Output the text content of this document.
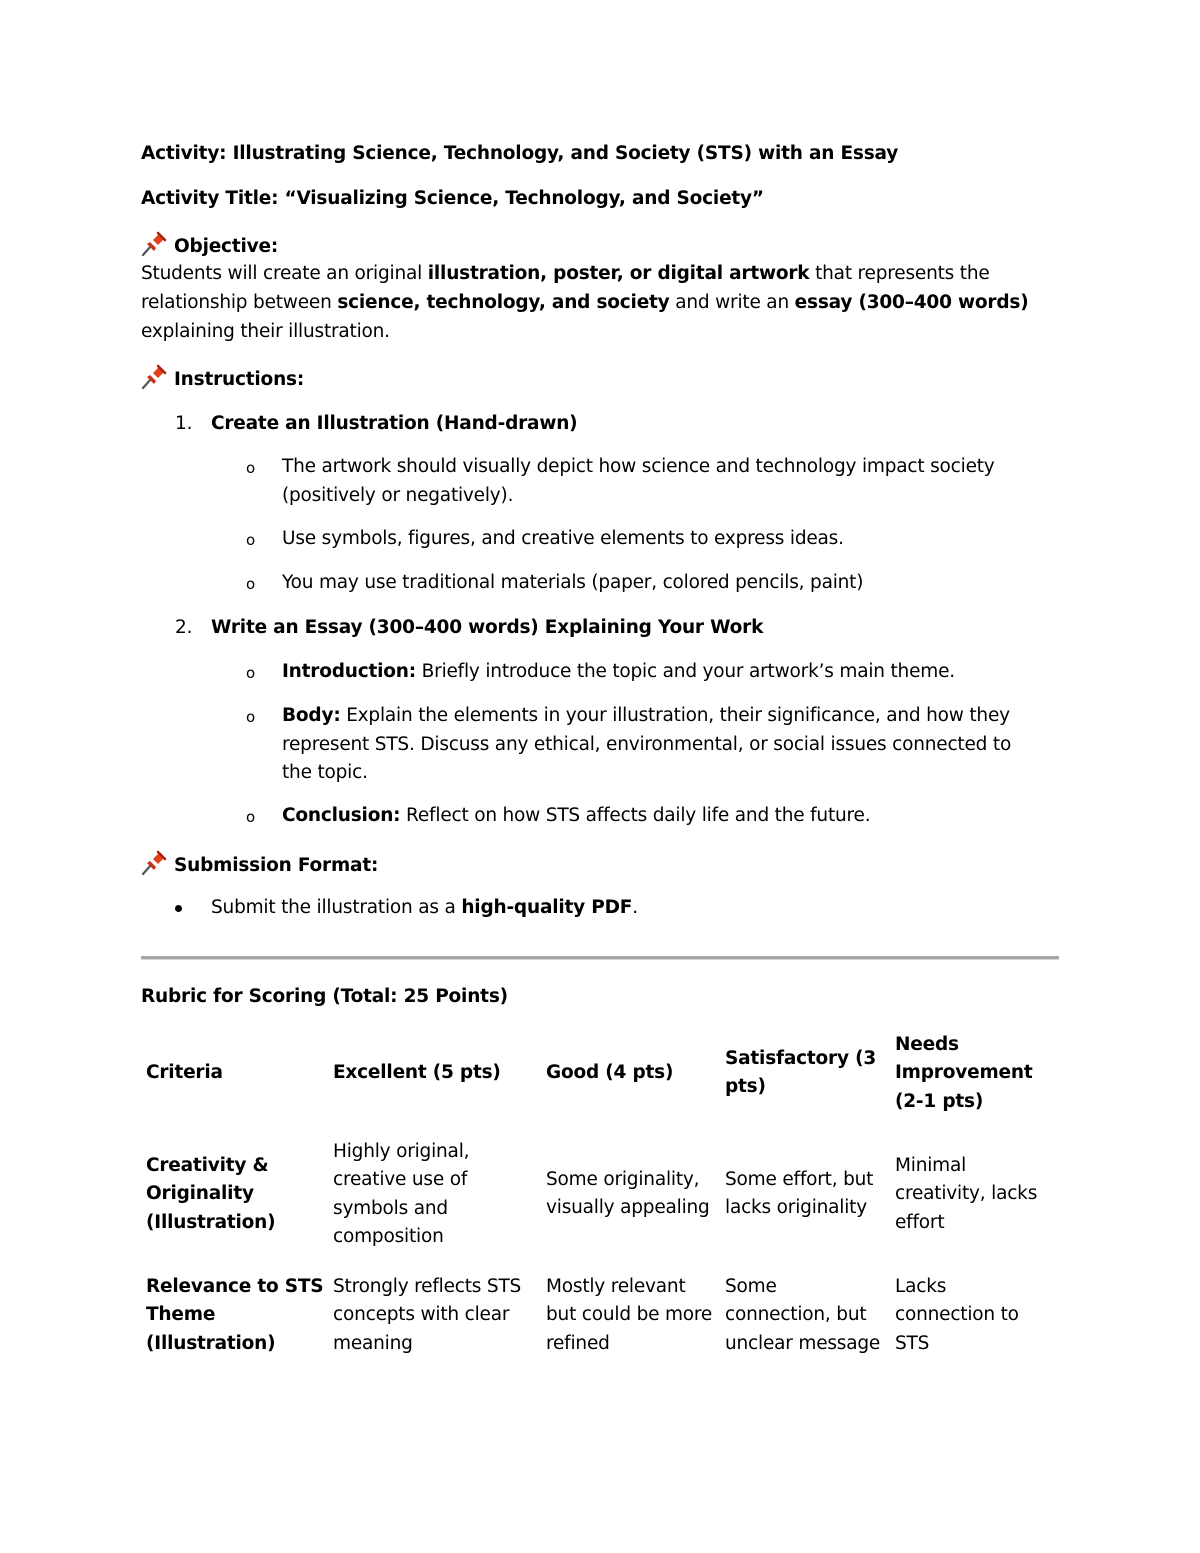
Activity: Illustrating Science, Technology, and Society (STS) with an Essay
Activity Title: “Visualizing Science, Technology, and Society”
Objective:
Students will create an original illustration, poster, or digital artwork that represents the
relationship between science, technology, and society and write an essay (300–400 words)
explaining their illustration.
Instructions:
1. Create an Illustration (Hand-drawn)
o The artwork should visually depict how science and technology impact society (positively or negatively).
o Use symbols, figures, and creative elements to express ideas.
o You may use traditional materials (paper, colored pencils, paint)
2. Write an Essay (300–400 words) Explaining Your Work
o Introduction: Briefly introduce the topic and your artwork’s main theme.
o Body: Explain the elements in your illustration, their significance, and how they represent STS. Discuss any ethical, environmental, or social issues connected to the topic.
o Conclusion: Reflect on how STS affects daily life and the future.
Submission Format:
Submit the illustration as a high-quality PDF.
Rubric for Scoring (Total: 25 Points)
Criteria	Excellent (5 pts) Good (4 pts)
Satisfactory (3 pts)
Needs Improvement (2-1 pts)
Creativity & Originality (Illustration)
Highly original, creative use of symbols and composition
Some originality, visually appealing
Some effort, but lacks originality
Minimal creativity, lacks effort
Relevance to STS Theme (Illustration)
Strongly reflects STS concepts with clear meaning
Mostly relevant but could be more refined
Some connection, but unclear message
Lacks connection to STS
